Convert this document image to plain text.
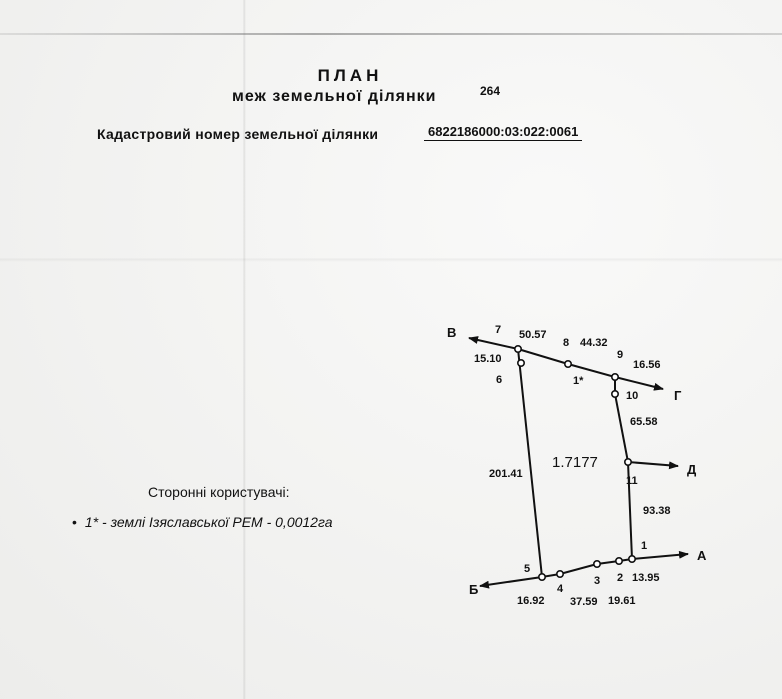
ПЛАН
меж земельної ділянки	264
Кадастровий номер земельної ділянки	6822186000:03:022:0061
Сторонні користувачі:
• 1* - землі Ізяславської РЕМ - 0,0012га
А
Б
В
Г
Д
1
2
3
4
5
6
7
8
9
10
11
1*
13.95
19.61
37.59
16.92
201.41
15.10
50.57
44.32
16.56
65.58
93.38
1.7177
